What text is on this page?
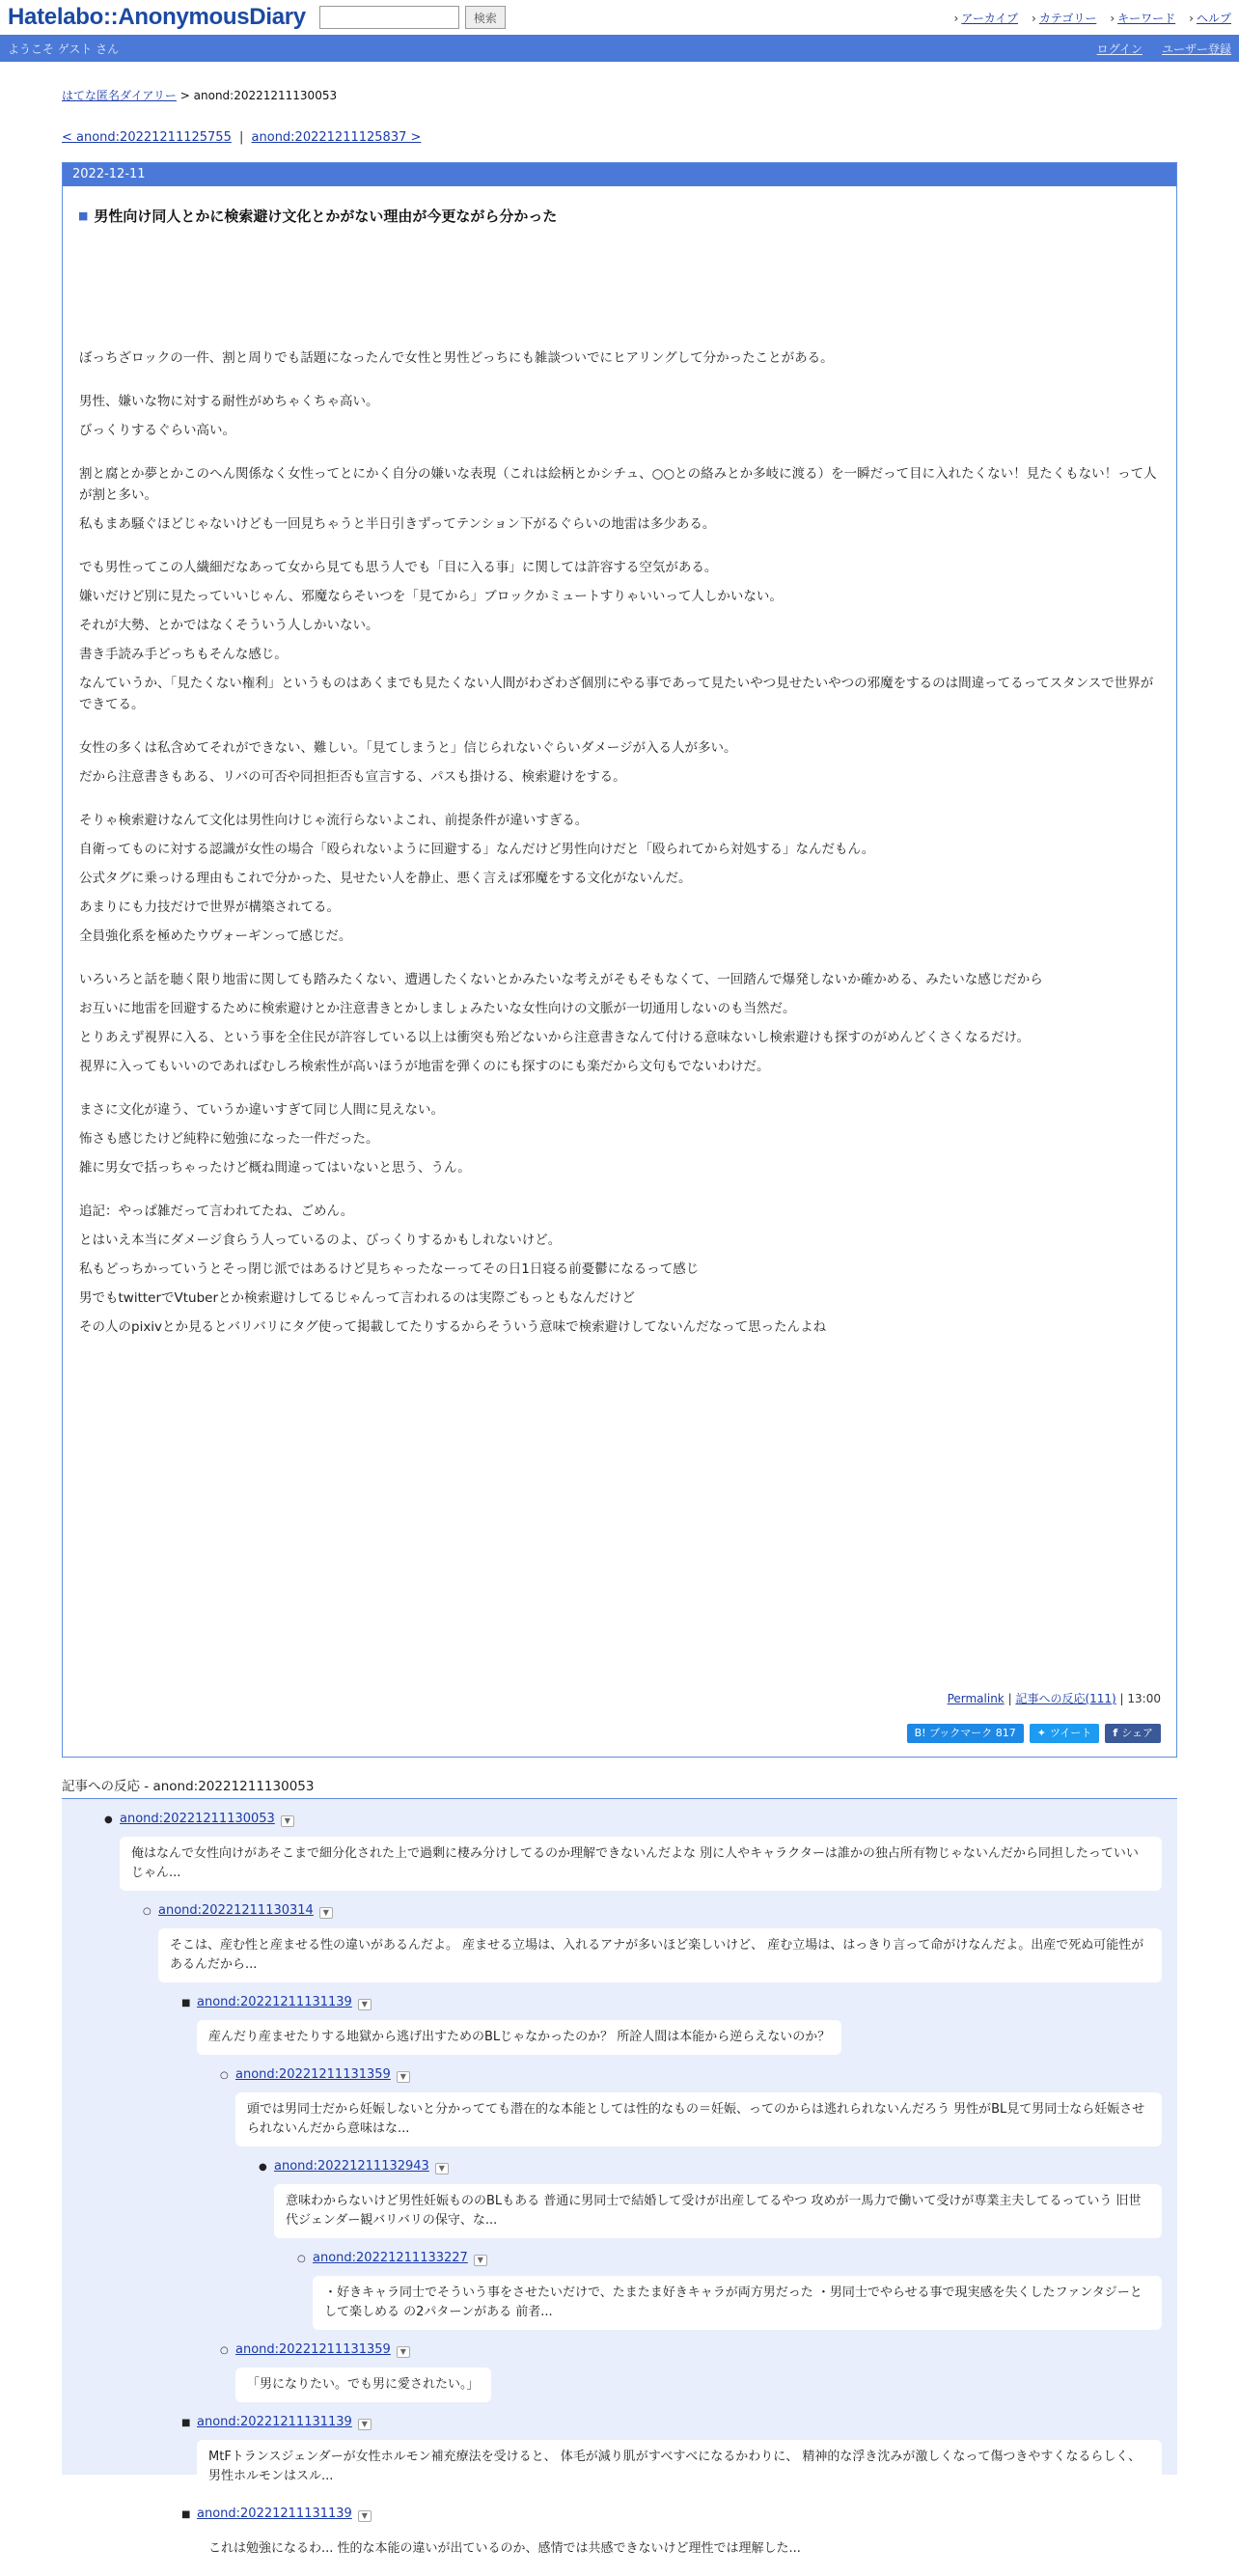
Hatelabo::AnonymousDiary	検索	› アーカイブ	› カテゴリー	› キーワード	› ヘルプ
ようこそ ゲスト さん	ログイン ユーザー登録
はてな匿名ダイアリー > anond:20221211130053
< anond:20221211125755 | anond:20221211125837 >
2022-12-11
■ 男性向け同人とかに検索避け文化とかがない理由が今更ながら分かった

ぼっちざロックの一件、割と周りでも話題になったんで女性と男性どっちにも雑談ついでにヒアリングして分かったことがある。

男性、嫌いな物に対する耐性がめちゃくちゃ高い。

びっくりするぐらい高い。

割と腐とか夢とかこのへん関係なく女性ってとにかく自分の嫌いな表現（これは絵柄とかシチュ、○○との絡みとか多岐に渡る）を一瞬だって目に入れたくない！見たくもない！って人が割と多い。

私もまあ騒ぐほどじゃないけども一回見ちゃうと半日引きずってテンション下がるぐらいの地雷は多少ある。

でも男性ってこの人繊細だなあって女から見ても思う人でも「目に入る事」に関しては許容する空気がある。

嫌いだけど別に見たっていいじゃん、邪魔ならそいつを「見てから」ブロックかミュートすりゃいいって人しかいない。

それが大勢、とかではなくそういう人しかいない。

書き手読み手どっちもそんな感じ。

なんていうか、「見たくない権利」というものはあくまでも見たくない人間がわざわざ個別にやる事であって見たいやつ見せたいやつの邪魔をするのは間違ってるってスタンスで世界ができてる。

女性の多くは私含めてそれができない、難しい。「見てしまうと」信じられないぐらいダメージが入る人が多い。

だから注意書きもある、リバの可否や同担拒否も宣言する、パスも掛ける、検索避けをする。

そりゃ検索避けなんて文化は男性向けじゃ流行らないよこれ、前提条件が違いすぎる。

自衛ってものに対する認識が女性の場合「殴られないように回避する」なんだけど男性向けだと「殴られてから対処する」なんだもん。

公式タグに乗っける理由もこれで分かった、見せたい人を静止、悪く言えば邪魔をする文化がないんだ。

あまりにも力技だけで世界が構築されてる。

全員強化系を極めたウヴォーギンって感じだ。

いろいろと話を聴く限り地雷に関しても踏みたくない、遭遇したくないとかみたいな考えがそもそもなくて、一回踏んで爆発しないか確かめる、みたいな感じだから

お互いに地雷を回避するために検索避けとか注意書きとかしましょみたいな女性向けの文脈が一切通用しないのも当然だ。

とりあえず視界に入る、という事を全住民が許容している以上は衝突も殆どないから注意書きなんて付ける意味ないし検索避けも探すのがめんどくさくなるだけ。

視界に入ってもいいのであればむしろ検索性が高いほうが地雷を弾くのにも探すのにも楽だから文句もでないわけだ。

まさに文化が違う、ていうか違いすぎて同じ人間に見えない。

怖さも感じたけど純粋に勉強になった一件だった。

雑に男女で括っちゃったけど概ね間違ってはいないと思う、うん。

追記：やっぱ雑だって言われてたね、ごめん。

とはいえ本当にダメージ食らう人っているのよ、びっくりするかもしれないけど。

私もどっちかっていうとそっ閉じ派ではあるけど見ちゃったなーってその日1日寝る前憂鬱になるって感じ

男でもtwitterでVtuberとか検索避けしてるじゃんって言われるのは実際ごもっともなんだけど

その人のpixivとか見るとバリバリにタグ使って掲載してたりするからそういう意味で検索避けしてないんだなって思ったんよね

Permalink | 記事への反応(111) | 13:00
B! ブックマーク 817	✦ ツイート	f シェア
記事への反応 - anond:20221211130053
● anond:20221211130053 ▼
俺はなんで女性向けがあそこまで細分化された上で過剰に棲み分けしてるのか理解できないんだよな 別に人やキャラクターは誰かの独占所有物じゃないんだから同担したっていいじゃん...
○ anond:20221211130314 ▼
そこは、産む性と産ませる性の違いがあるんだよ。 産ませる立場は、入れるアナが多いほど楽しいけど、 産む立場は、はっきり言って命がけなんだよ。出産で死ぬ可能性があるんだから...
■ anond:20221211131139 ▼
産んだり産ませたりする地獄から逃げ出すためのBLじゃなかったのか？ 所詮人間は本能から逆らえないのか？
○ anond:20221211131359 ▼
頭では男同士だから妊娠しないと分かってても潜在的な本能としては性的なもの＝妊娠、ってのからは逃れられないんだろう 男性がBL見て男同士なら妊娠させられないんだから意味はな...
● anond:20221211132943 ▼
意味わからないけど男性妊娠もののBLもある 普通に男同士で結婚して受けが出産してるやつ 攻めが一馬力で働いて受けが専業主夫してるっていう 旧世代ジェンダー観バリバリの保守、な...
○ anond:20221211133227 ▼
・好きキャラ同士でそういう事をさせたいだけで、たまたま好きキャラが両方男だった ・男同士でやらせる事で現実感を失くしたファンタジーとして楽しめる の2パターンがある 前者...
○ anond:20221211131359 ▼
「男になりたい。でも男に愛されたい。」
■ anond:20221211131139 ▼
MtFトランスジェンダーが女性ホルモン補充療法を受けると、 体毛が減り肌がすべすべになるかわりに、 精神的な浮き沈みが激しくなって傷つきやすくなるらしく、 男性ホルモンはスル...
■ anond:20221211131139 ▼
これは勉強になるわ... 性的な本能の違いが出ているのか、感情では共感できないけど理性では理解した...
